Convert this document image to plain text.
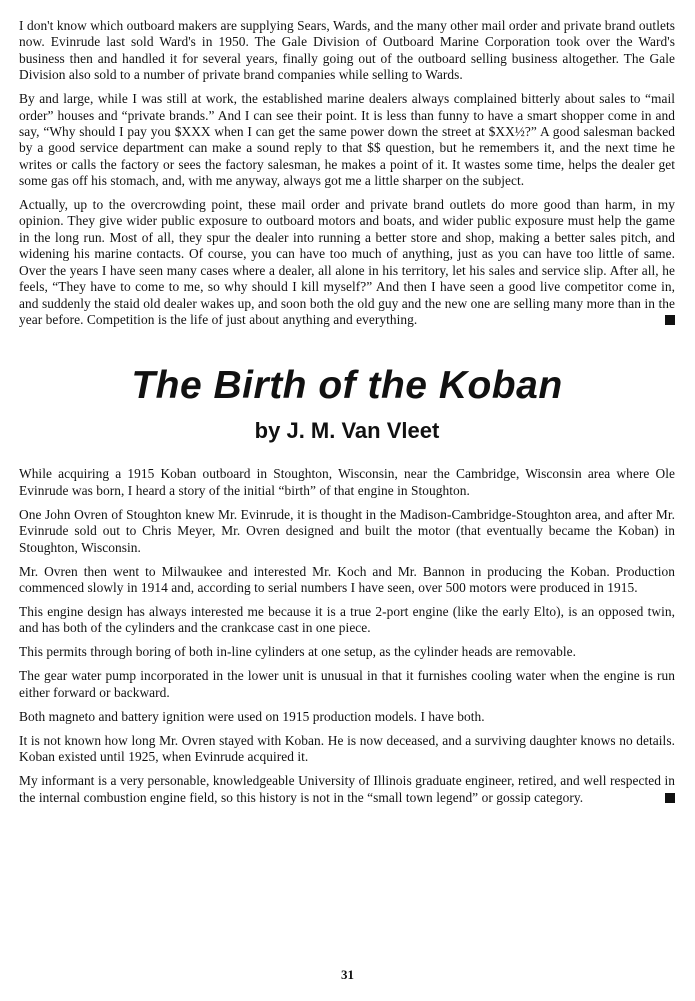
I don't know which outboard makers are supplying Sears, Wards, and the many other mail order and private brand outlets now. Evinrude last sold Ward's in 1950. The Gale Division of Outboard Marine Corporation took over the Ward's business then and handled it for several years, finally going out of the outboard selling business altogether. The Gale Division also sold to a number of private brand companies while selling to Wards.

By and large, while I was still at work, the established marine dealers always complained bitterly about sales to “mail order” houses and “private brands.” And I can see their point. It is less than funny to have a smart shopper come in and say, “Why should I pay you $XXX when I can get the same power down the street at $XX½?” A good salesman backed by a good service department can make a sound reply to that $$ question, but he remembers it, and the next time he writes or calls the factory or sees the factory salesman, he makes a point of it. It wastes some time, helps the dealer get some gas off his stomach, and, with me anyway, always got me a little sharper on the subject.

Actually, up to the overcrowding point, these mail order and private brand outlets do more good than harm, in my opinion. They give wider public exposure to outboard motors and boats, and wider public exposure must help the game in the long run. Most of all, they spur the dealer into running a better store and shop, making a better sales pitch, and widening his marine contacts. Of course, you can have too much of anything, just as you can have too little of same. Over the years I have seen many cases where a dealer, all alone in his territory, let his sales and service slip. After all, he feels, “They have to come to me, so why should I kill myself?” And then I have seen a good live competitor come in, and suddenly the staid old dealer wakes up, and soon both the old guy and the new one are selling many more than in the year before. Competition is the life of just about anything and everything.
The Birth of the Koban
by J. M. Van Vleet

While acquiring a 1915 Koban outboard in Stoughton, Wisconsin, near the Cambridge, Wisconsin area where Ole Evinrude was born, I heard a story of the initial “birth” of that engine in Stoughton.

One John Ovren of Stoughton knew Mr. Evinrude, it is thought in the Madison-Cambridge-Stoughton area, and after Mr. Evinrude sold out to Chris Meyer, Mr. Ovren designed and built the motor (that eventually became the Koban) in Stoughton, Wisconsin.

Mr. Ovren then went to Milwaukee and interested Mr. Koch and Mr. Bannon in producing the Koban. Production commenced slowly in 1914 and, according to serial numbers I have seen, over 500 motors were produced in 1915.

This engine design has always interested me because it is a true 2-port engine (like the early Elto), is an opposed twin, and has both of the cylinders and the crankcase cast in one piece.

This permits through boring of both in-line cylinders at one setup, as the cylinder heads are removable.

The gear water pump incorporated in the lower unit is unusual in that it furnishes cooling water when the engine is run either forward or backward.

Both magneto and battery ignition were used on 1915 production models. I have both.

It is not known how long Mr. Ovren stayed with Koban. He is now deceased, and a surviving daughter knows no details. Koban existed until 1925, when Evinrude acquired it.

My informant is a very personable, knowledgeable University of Illinois graduate engineer, retired, and well respected in the internal combustion engine field, so this history is not in the “small town legend” or gossip category.
31
